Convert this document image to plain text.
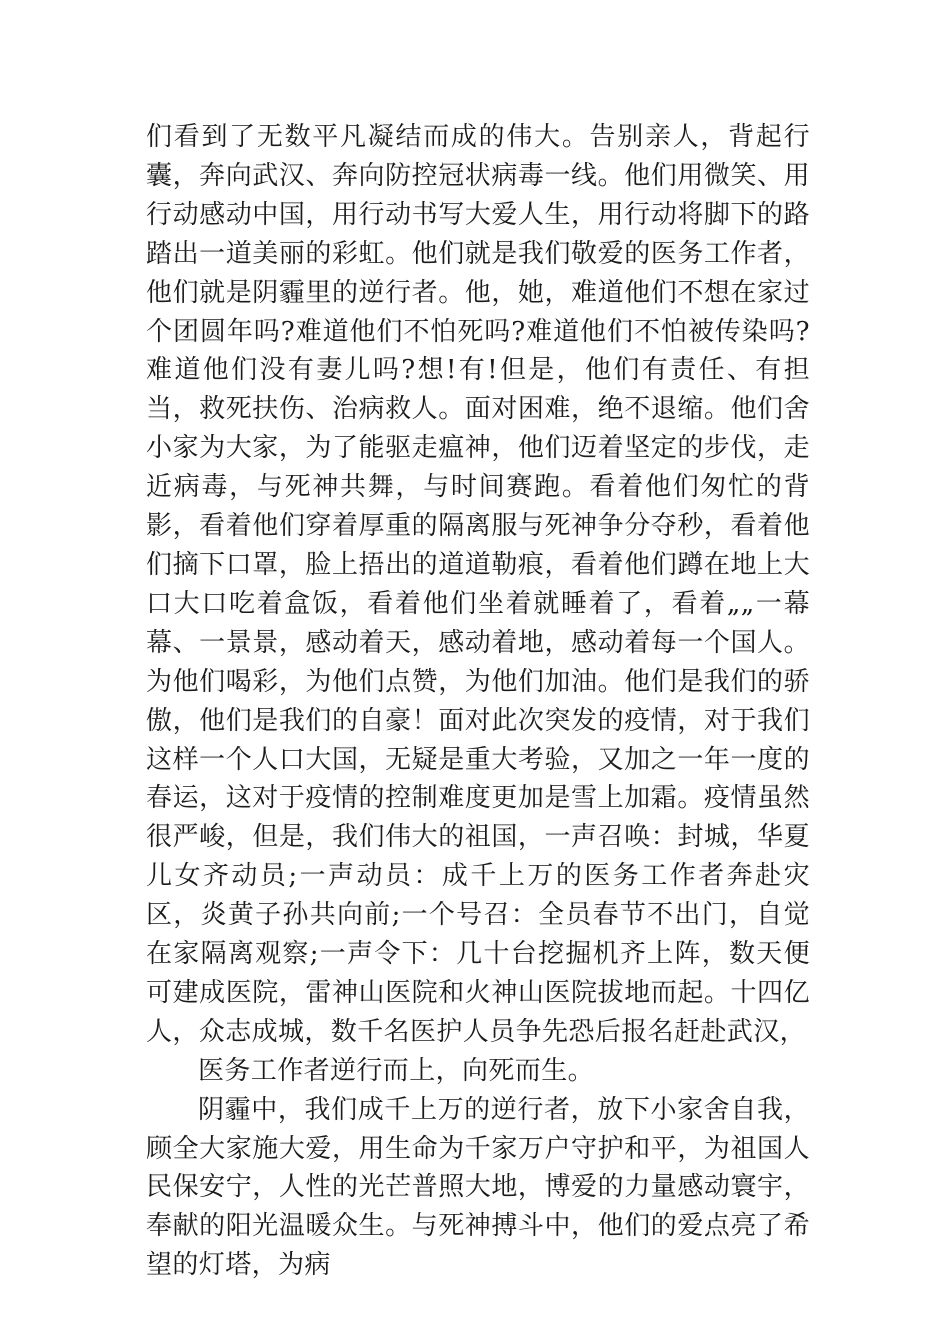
们看到了无数平凡凝结而成的伟大。告别亲人，背起行囊，奔向武汉、奔向防控冠状病毒一线。他们用微笑、用行动感动中国，用行动书写大爱人生，用行动将脚下的路踏出一道美丽的彩虹。他们就是我们敬爱的医务工作者，他们就是阴霾里的逆行者。他，她，难道他们不想在家过个团圆年吗?难道他们不怕死吗?难道他们不怕被传染吗?难道他们没有妻儿吗?想!有!但是，他们有责任、有担当，救死扶伤、治病救人。面对困难，绝不退缩。他们舍小家为大家，为了能驱走瘟神，他们迈着坚定的步伐，走近病毒，与死神共舞，与时间赛跑。看着他们匆忙的背影，看着他们穿着厚重的隔离服与死神争分夺秒，看着他们摘下口罩，脸上捂出的道道勒痕，看着他们蹲在地上大口大口吃着盒饭，看着他们坐着就睡着了，看着„„一幕幕、一景景，感动着天，感动着地，感动着每一个国人。为他们喝彩，为他们点赞，为他们加油。他们是我们的骄傲，他们是我们的自豪！面对此次突发的疫情，对于我们这样一个人口大国，无疑是重大考验，又加之一年一度的春运，这对于疫情的控制难度更加是雪上加霜。疫情虽然很严峻，但是，我们伟大的祖国，一声召唤：封城，华夏儿女齐动员;一声动员：成千上万的医务工作者奔赴灾区，炎黄子孙共向前;一个号召：全员春节不出门，自觉在家隔离观察;一声令下：几十台挖掘机齐上阵，数天便可建成医院，雷神山医院和火神山医院拔地而起。十四亿人，众志成城，数千名医护人员争先恐后报名赶赴武汉，

医务工作者逆行而上，向死而生。

阴霾中，我们成千上万的逆行者，放下小家舍自我，顾全大家施大爱，用生命为千家万户守护和平，为祖国人民保安宁，人性的光芒普照大地，博爱的力量感动寰宇，奉献的阳光温暖众生。与死神搏斗中，他们的爱点亮了希望的灯塔，为病
